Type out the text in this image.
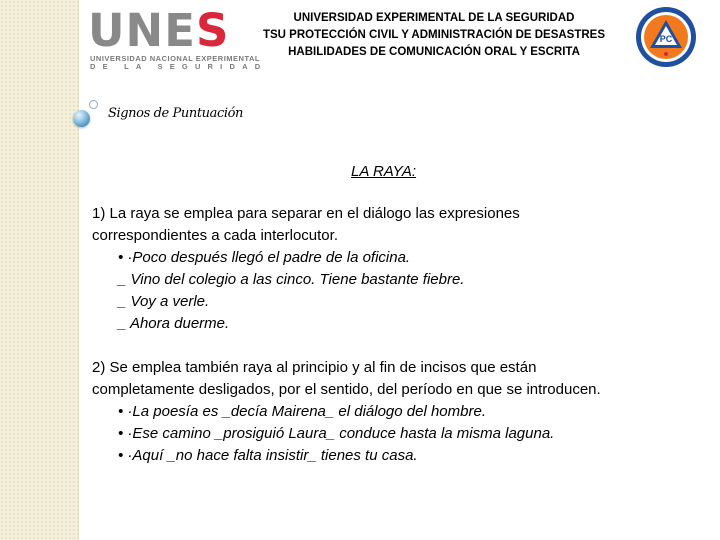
UNES
UNIVERSIDAD NACIONAL EXPERIMENTAL
DE LA SEGURIDAD
UNIVERSIDAD EXPERIMENTAL DE LA SEGURIDAD
TSU PROTECCIÓN CIVIL Y ADMINISTRACIÓN DE DESASTRES
HABILIDADES DE COMUNICACIÓN ORAL Y ESCRITA
PC
Signos de Puntuación
LA RAYA:

1) La raya se emplea para separar en el diálogo las expresiones

correspondientes a cada interlocutor.

• ·Poco después llegó el padre de la oficina.

_ Vino del colegio a las cinco. Tiene bastante fiebre.

_ Voy a verle.

_ Ahora duerme.

2) Se emplea también raya al principio y al fin de incisos que están

completamente desligados, por el sentido, del período en que se introducen.

• ·La poesía es _decía Mairena_ el diálogo del hombre.

• ·Ese camino _prosiguió Laura_ conduce hasta la misma laguna.

• ·Aquí _no hace falta insistir_ tienes tu casa.
